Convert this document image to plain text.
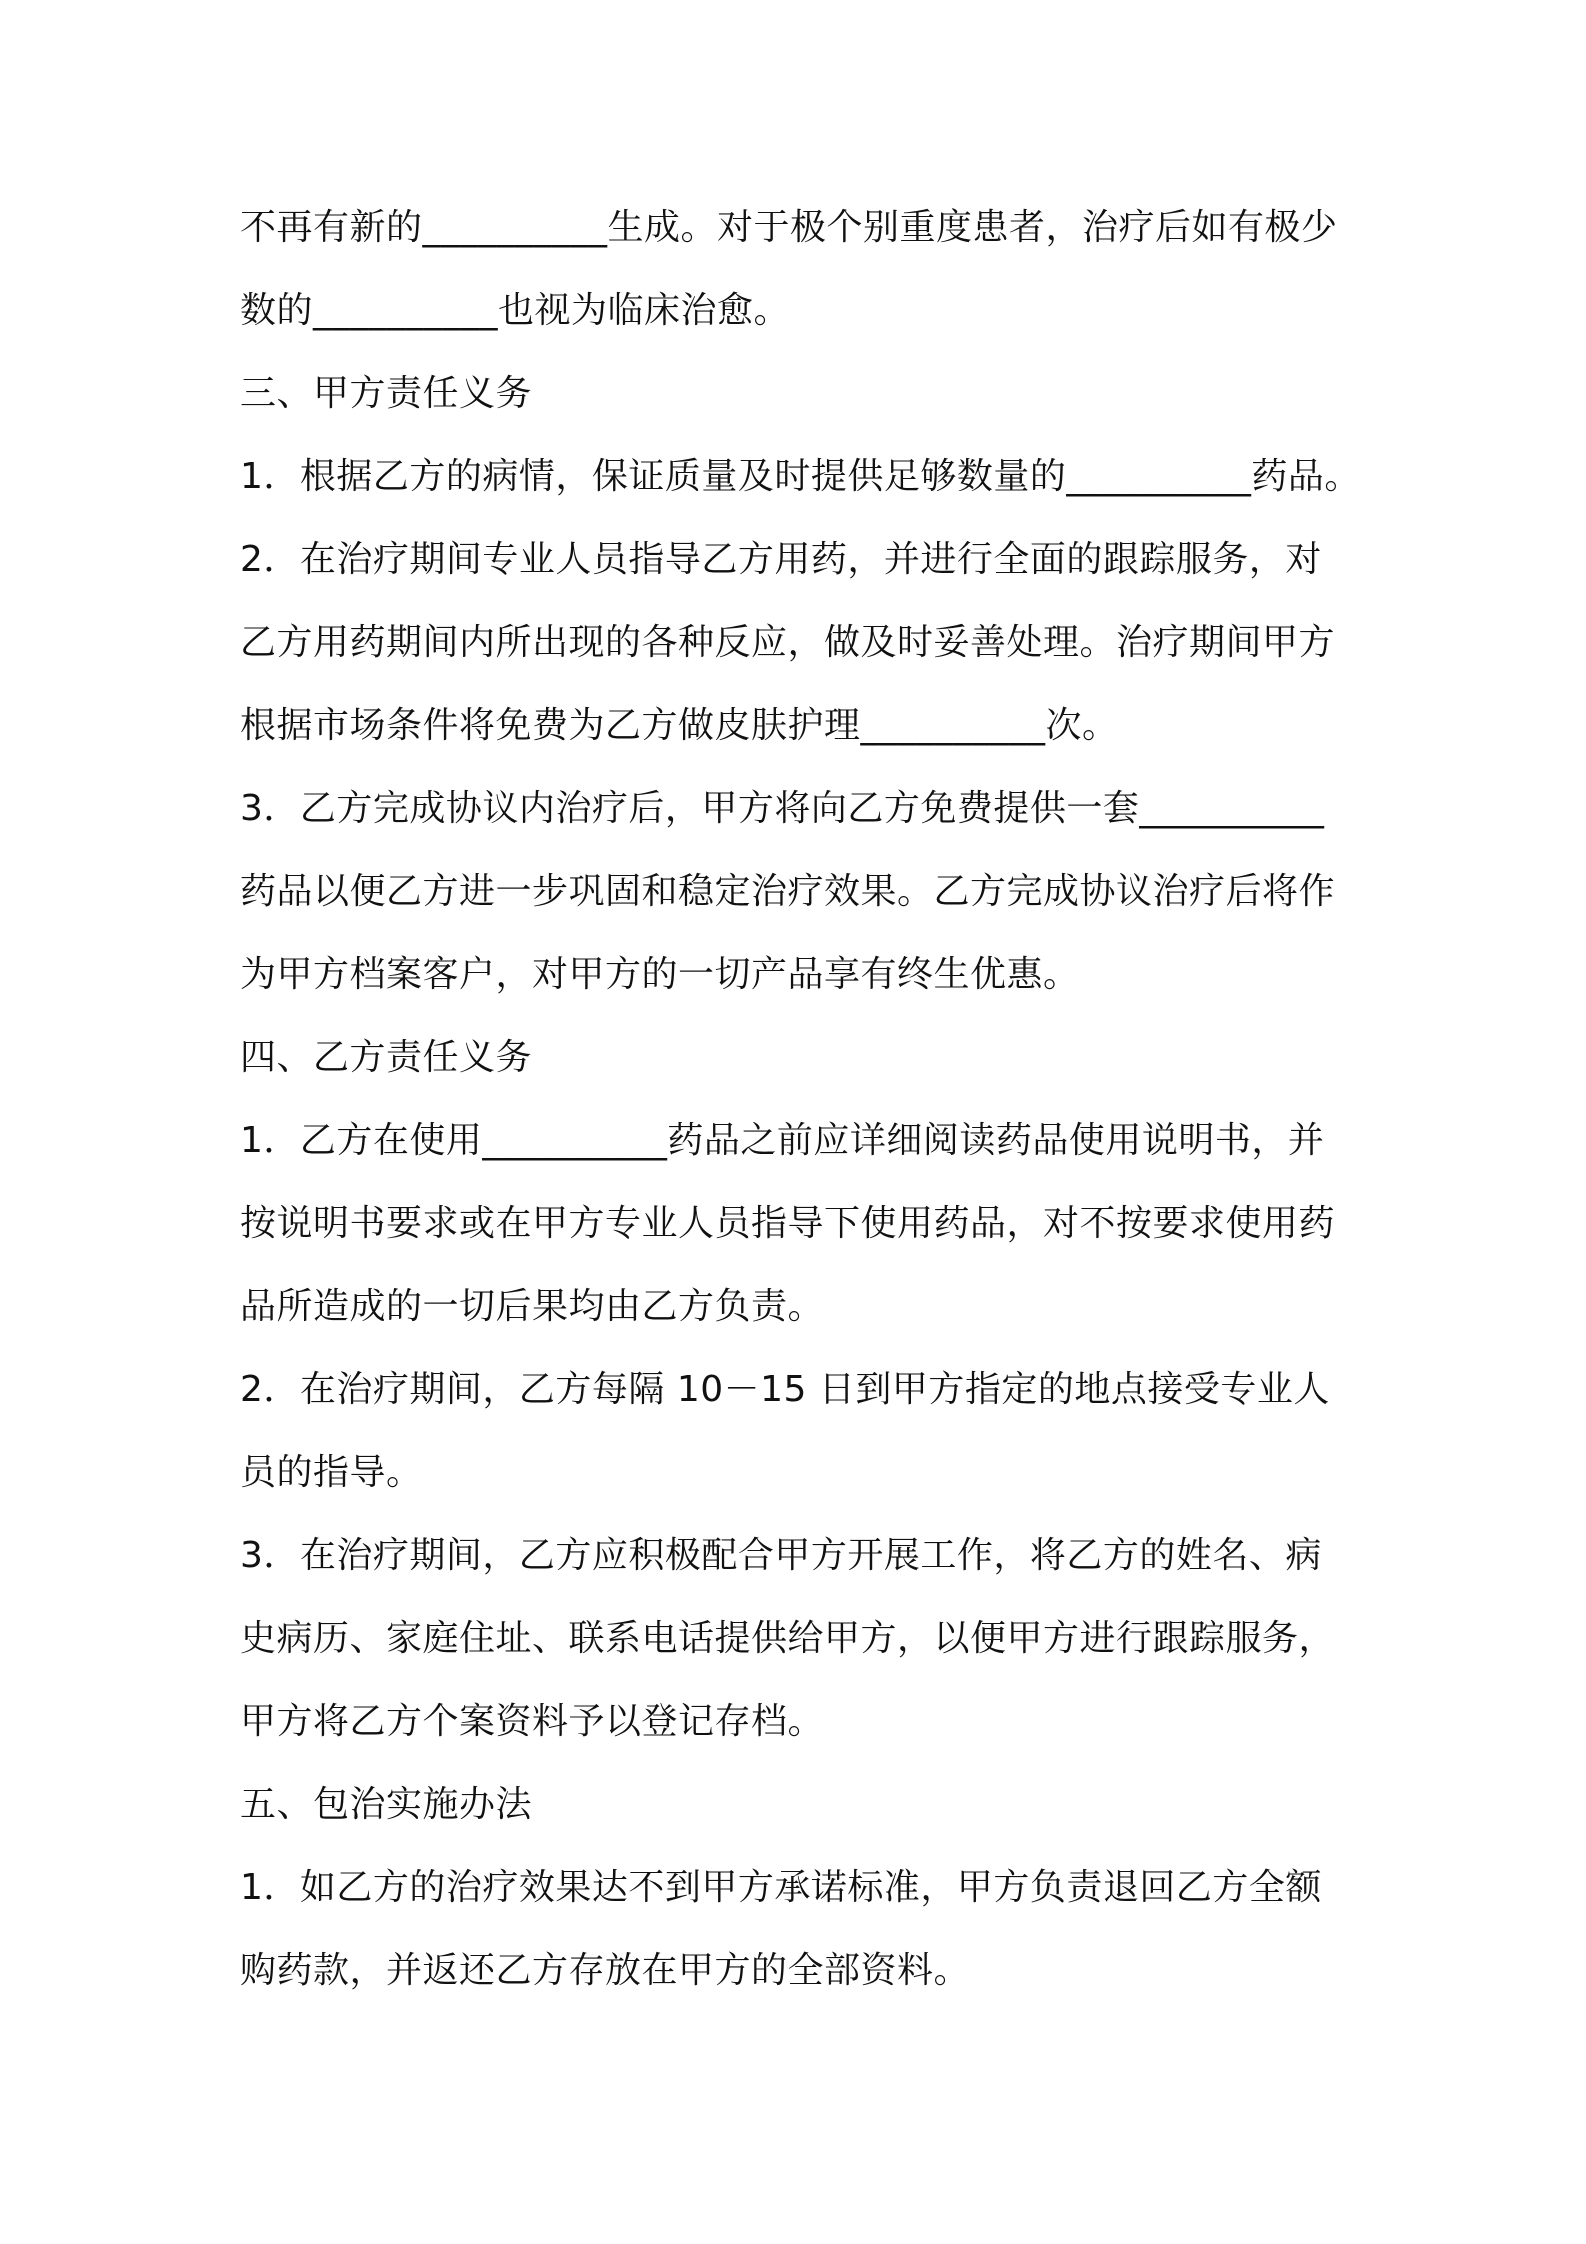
不再有新的__________生成。对于极个别重度患者，治疗后如有极少
数的__________也视为临床治愈。
三、甲方责任义务
1．根据乙方的病情，保证质量及时提供足够数量的__________药品。
2．在治疗期间专业人员指导乙方用药，并进行全面的跟踪服务，对
乙方用药期间内所出现的各种反应，做及时妥善处理。治疗期间甲方
根据市场条件将免费为乙方做皮肤护理__________次。
3．乙方完成协议内治疗后，甲方将向乙方免费提供一套__________
药品以便乙方进一步巩固和稳定治疗效果。乙方完成协议治疗后将作
为甲方档案客户，对甲方的一切产品享有终生优惠。
四、乙方责任义务
1．乙方在使用__________药品之前应详细阅读药品使用说明书，并
按说明书要求或在甲方专业人员指导下使用药品，对不按要求使用药
品所造成的一切后果均由乙方负责。
2．在治疗期间，乙方每隔 10－15 日到甲方指定的地点接受专业人
员的指导。
3．在治疗期间，乙方应积极配合甲方开展工作，将乙方的姓名、病
史病历、家庭住址、联系电话提供给甲方，以便甲方进行跟踪服务，
甲方将乙方个案资料予以登记存档。
五、包治实施办法
1．如乙方的治疗效果达不到甲方承诺标准，甲方负责退回乙方全额
购药款，并返还乙方存放在甲方的全部资料。
